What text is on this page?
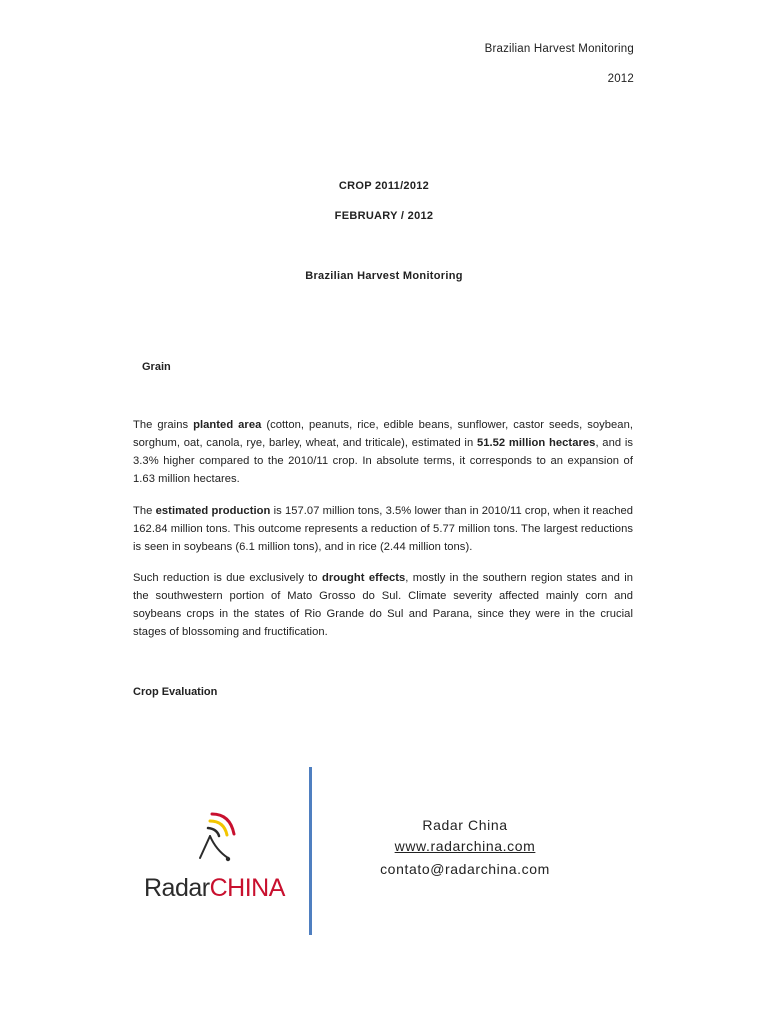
Brazilian Harvest Monitoring
2012
CROP 2011/2012
FEBRUARY / 2012
Brazilian Harvest Monitoring
Grain

The grains planted area (cotton, peanuts, rice, edible beans, sunflower, castor seeds, soybean, sorghum, oat, canola, rye, barley, wheat, and triticale), estimated in 51.52 million hectares, and is 3.3% higher compared to the 2010/11 crop. In absolute terms, it corresponds to an expansion of 1.63 million hectares.

The estimated production is 157.07 million tons, 3.5% lower than in 2010/11 crop, when it reached 162.84 million tons. This outcome represents a reduction of 5.77 million tons. The largest reductions is seen in soybeans (6.1 million tons), and in rice (2.44 million tons).

Such reduction is due exclusively to drought effects, mostly in the southern region states and in the southwestern portion of Mato Grosso do Sul. Climate severity affected mainly corn and soybeans crops in the states of Rio Grande do Sul and Parana, since they were in the crucial stages of blossoming and fructification.

Crop Evaluation
RadarCHINA
Radar China
www.radarchina.com
contato@radarchina.com
